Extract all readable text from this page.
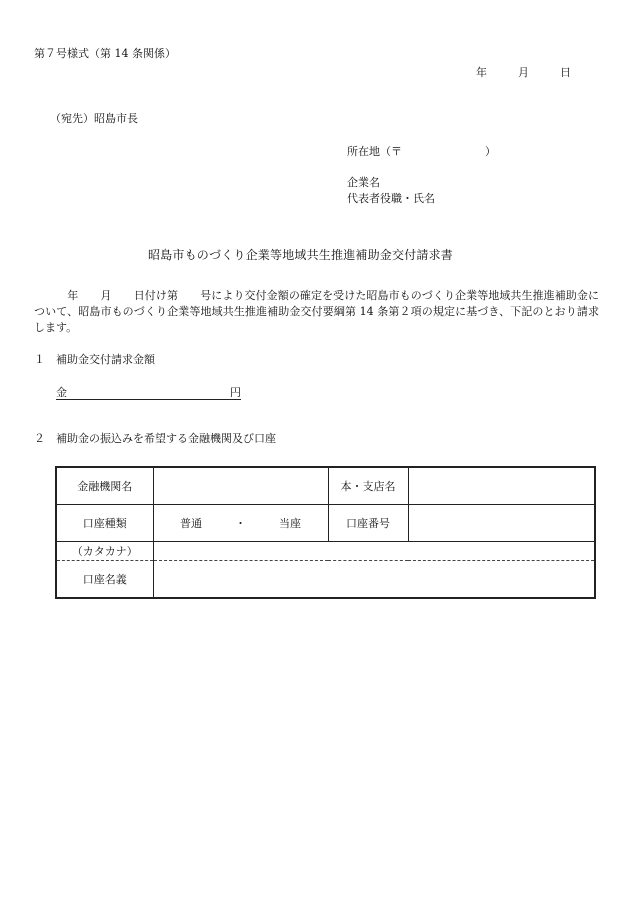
第７号様式（第 14 条関係）
年	月	日
（宛先）昭島市長
所在地（〒	）
企業名
代表者役職・氏名
昭島市ものづくり企業等地域共生推進補助金交付請求書
　　　年　　月　　日付け第　　号により交付金額の確定を受けた昭島市ものづくり企業等地域共生推進補助金について、昭島市ものづくり企業等地域共生推進補助金交付要綱第 14 条第２項の規定に基づき、下記のとおり請求します。
１　補助金交付請求金額
金	円
２　補助金の振込みを希望する金融機関及び口座
金融機関名		本・支店名	
口座種類	普通 ・ 当座	口座番号	
（カタカナ）			
口座名義			
